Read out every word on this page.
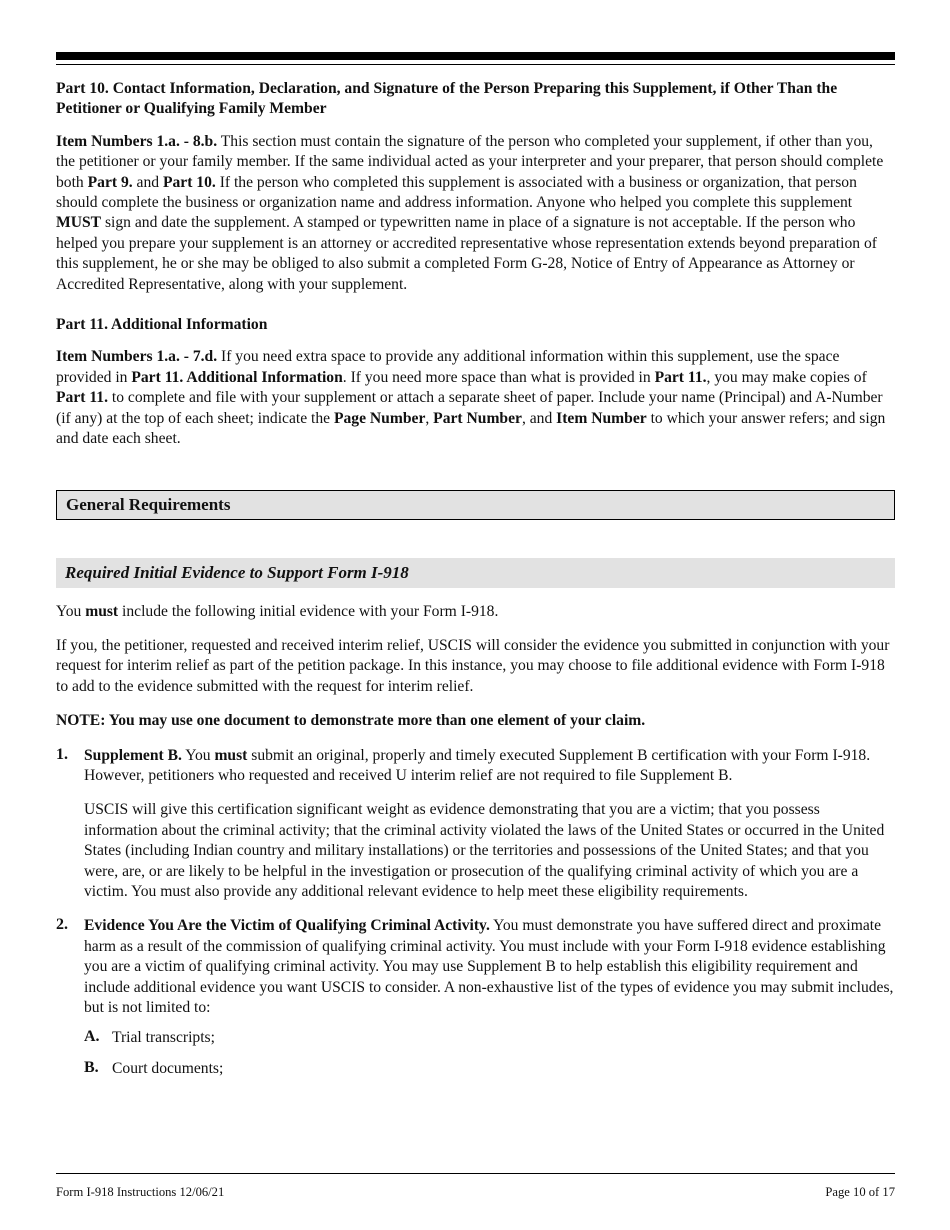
Part 10. Contact Information, Declaration, and Signature of the Person Preparing this Supplement, if Other Than the Petitioner or Qualifying Family Member

Item Numbers 1.a. - 8.b. This section must contain the signature of the person who completed your supplement, if other than you, the petitioner or your family member. If the same individual acted as your interpreter and your preparer, that person should complete both Part 9. and Part 10. If the person who completed this supplement is associated with a business or organization, that person should complete the business or organization name and address information. Anyone who helped you complete this supplement MUST sign and date the supplement. A stamped or typewritten name in place of a signature is not acceptable. If the person who helped you prepare your supplement is an attorney or accredited representative whose representation extends beyond preparation of this supplement, he or she may be obliged to also submit a completed Form G-28, Notice of Entry of Appearance as Attorney or Accredited Representative, along with your supplement.

Part 11. Additional Information

Item Numbers 1.a. - 7.d. If you need extra space to provide any additional information within this supplement, use the space provided in Part 11. Additional Information. If you need more space than what is provided in Part 11., you may make copies of Part 11. to complete and file with your supplement or attach a separate sheet of paper. Include your name (Principal) and A-Number (if any) at the top of each sheet; indicate the Page Number, Part Number, and Item Number to which your answer refers; and sign and date each sheet.

General Requirements
Required Initial Evidence to Support Form I-918

You must include the following initial evidence with your Form I-918.

If you, the petitioner, requested and received interim relief, USCIS will consider the evidence you submitted in conjunction with your request for interim relief as part of the petition package. In this instance, you may choose to file additional evidence with Form I-918 to add to the evidence submitted with the request for interim relief.

NOTE: You may use one document to demonstrate more than one element of your claim.

1. Supplement B. You must submit an original, properly and timely executed Supplement B certification with your Form I-918. However, petitioners who requested and received U interim relief are not required to file Supplement B.

USCIS will give this certification significant weight as evidence demonstrating that you are a victim; that you possess information about the criminal activity; that the criminal activity violated the laws of the United States or occurred in the United States (including Indian country and military installations) or the territories and possessions of the United States; and that you were, are, or are likely to be helpful in the investigation or prosecution of the qualifying criminal activity of which you are a victim. You must also provide any additional relevant evidence to help meet these eligibility requirements.

2. Evidence You Are the Victim of Qualifying Criminal Activity. You must demonstrate you have suffered direct and proximate harm as a result of the commission of qualifying criminal activity. You must include with your Form I-918 evidence establishing you are a victim of qualifying criminal activity. You may use Supplement B to help establish this eligibility requirement and include additional evidence you want USCIS to consider. A non-exhaustive list of the types of evidence you may submit includes, but is not limited to:

A. Trial transcripts;

B. Court documents;

Form I-918 Instructions 12/06/21	Page 10 of 17
